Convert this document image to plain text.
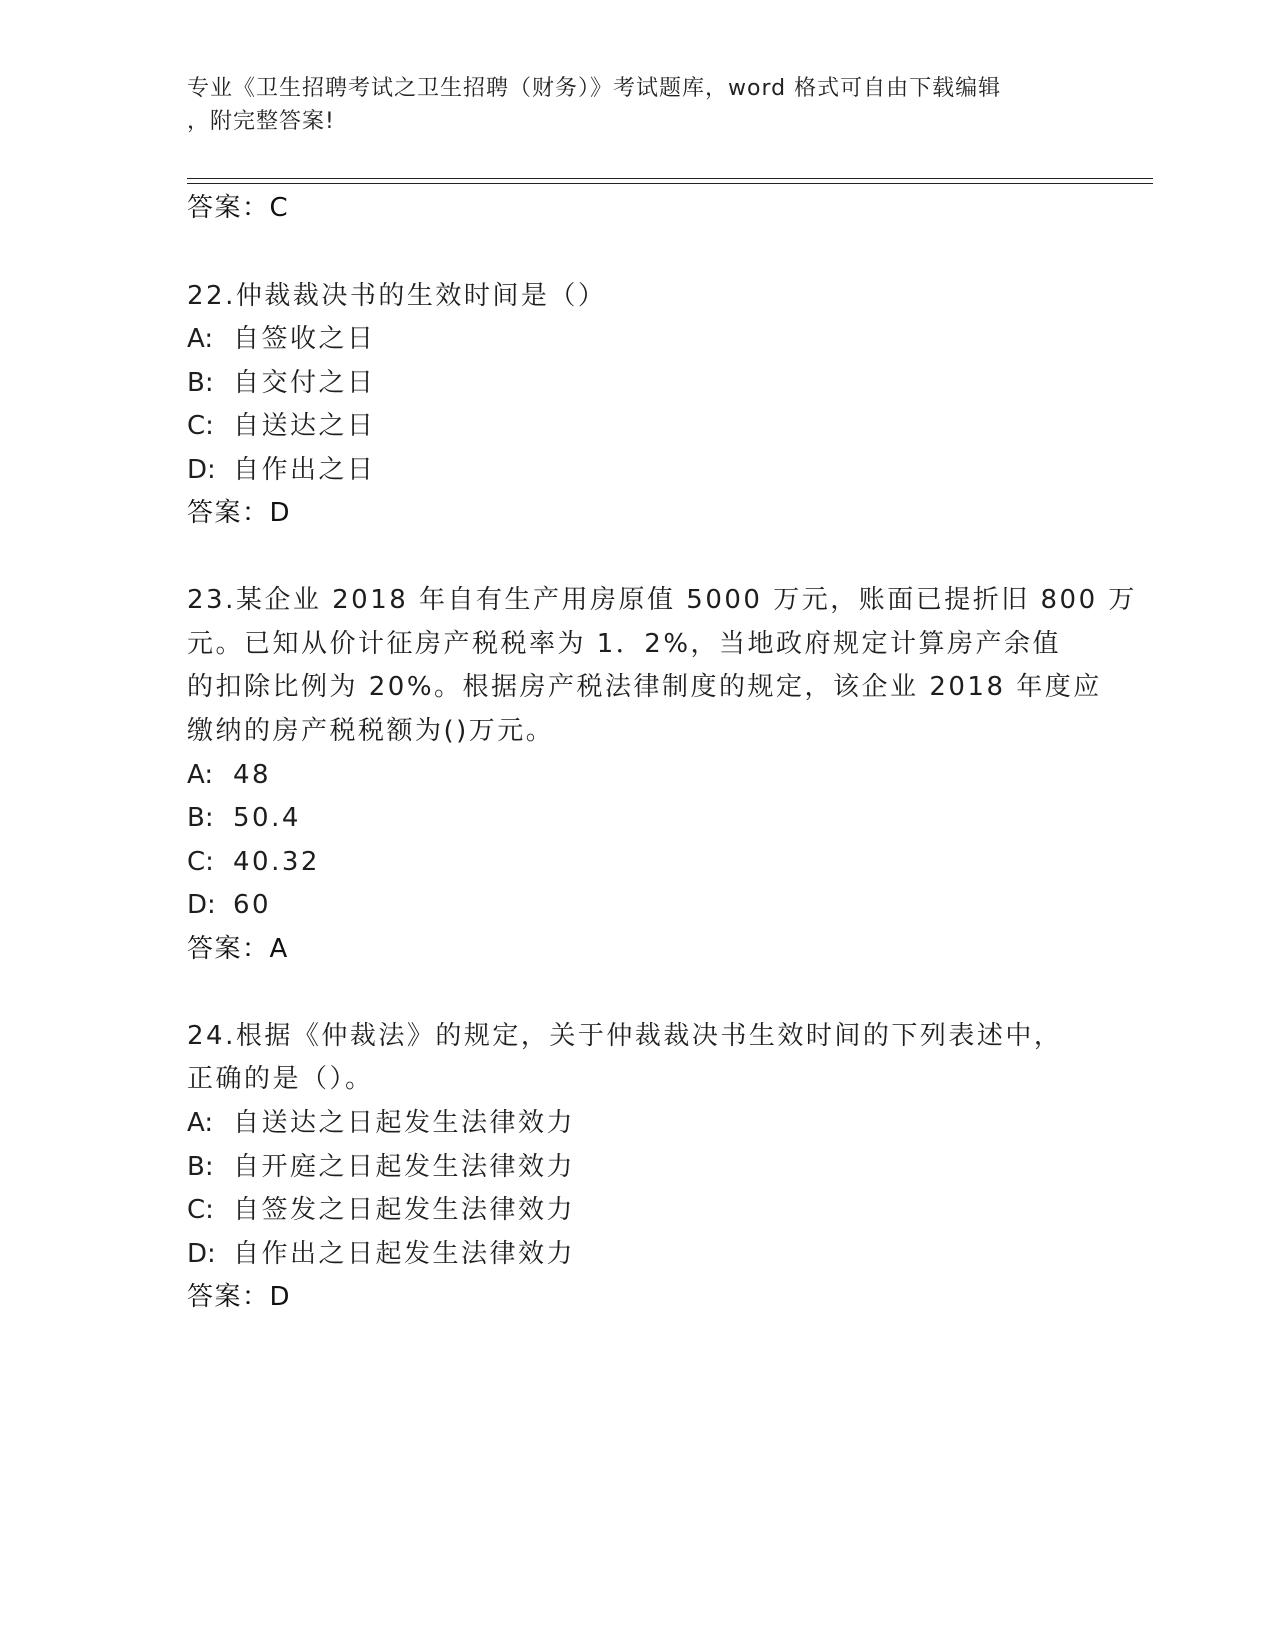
专业《卫生招聘考试之卫生招聘（财务）》考试题库，word 格式可自由下载编辑
，附完整答案!
答案：C
22.仲裁裁决书的生效时间是（）
A: 自签收之日
B: 自交付之日
C: 自送达之日
D: 自作出之日
答案：D
23.某企业 2018 年自有生产用房原值 5000 万元，账面已提折旧 800 万
元。已知从价计征房产税税率为 1．2%，当地政府规定计算房产余值
的扣除比例为 20%。根据房产税法律制度的规定，该企业 2018 年度应
缴纳的房产税税额为()万元。
A: 48
B: 50.4
C: 40.32
D: 60
答案：A
24.根据《仲裁法》的规定，关于仲裁裁决书生效时间的下列表述中，
正确的是（）。
A: 自送达之日起发生法律效力
B: 自开庭之日起发生法律效力
C: 自签发之日起发生法律效力
D: 自作出之日起发生法律效力
答案：D
